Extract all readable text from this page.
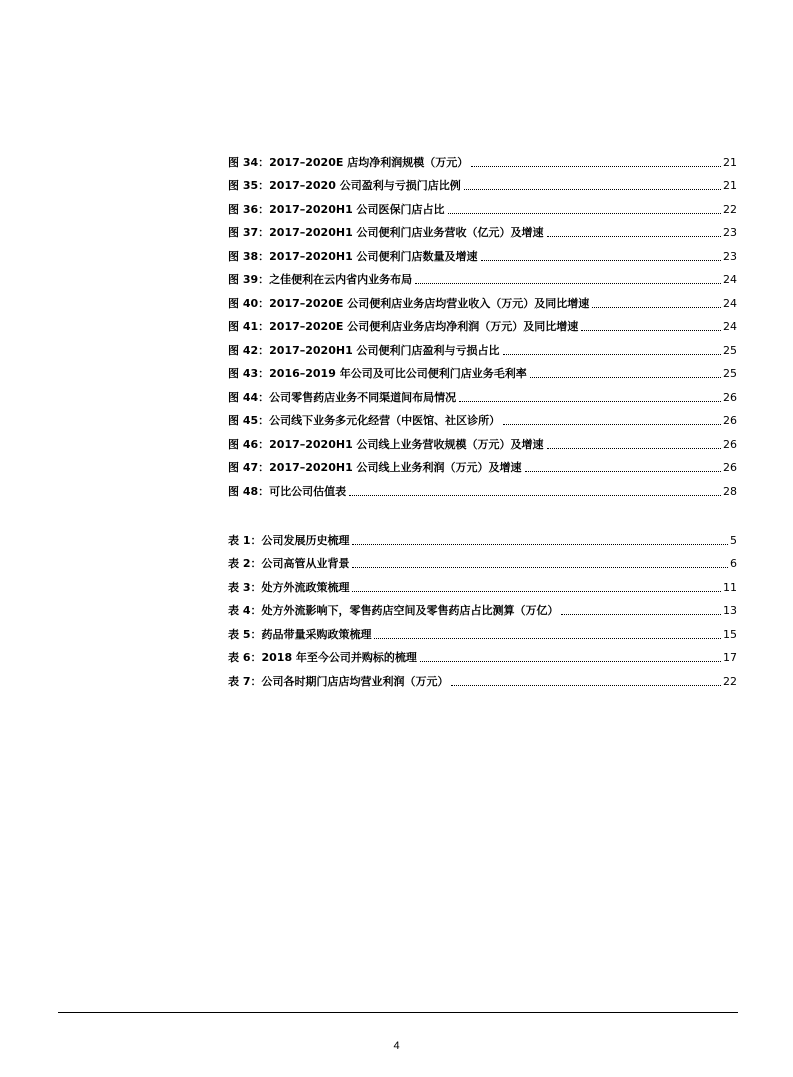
图 34：2017–2020E 店均净利润规模（万元）	21
图 35：2017–2020 公司盈利与亏损门店比例	21
图 36：2017–2020H1 公司医保门店占比	22
图 37：2017–2020H1 公司便利门店业务营收（亿元）及增速	23
图 38：2017–2020H1 公司便利门店数量及增速	23
图 39：之佳便利在云内省内业务布局	24
图 40：2017–2020E 公司便利店业务店均营业收入（万元）及同比增速	24
图 41：2017–2020E 公司便利店业务店均净利润（万元）及同比增速	24
图 42：2017–2020H1 公司便利门店盈利与亏损占比	25
图 43：2016–2019 年公司及可比公司便利门店业务毛利率	25
图 44：公司零售药店业务不同渠道间布局情况	26
图 45：公司线下业务多元化经营（中医馆、社区诊所）	26
图 46：2017–2020H1 公司线上业务营收规模（万元）及增速	26
图 47：2017–2020H1 公司线上业务利润（万元）及增速	26
图 48：可比公司估值表	28
表 1：公司发展历史梳理	5
表 2：公司高管从业背景	6
表 3：处方外流政策梳理	11
表 4：处方外流影响下，零售药店空间及零售药店占比测算（万亿）	13
表 5：药品带量采购政策梳理	15
表 6：2018 年至今公司并购标的梳理	17
表 7：公司各时期门店店均营业利润（万元）	22
4
